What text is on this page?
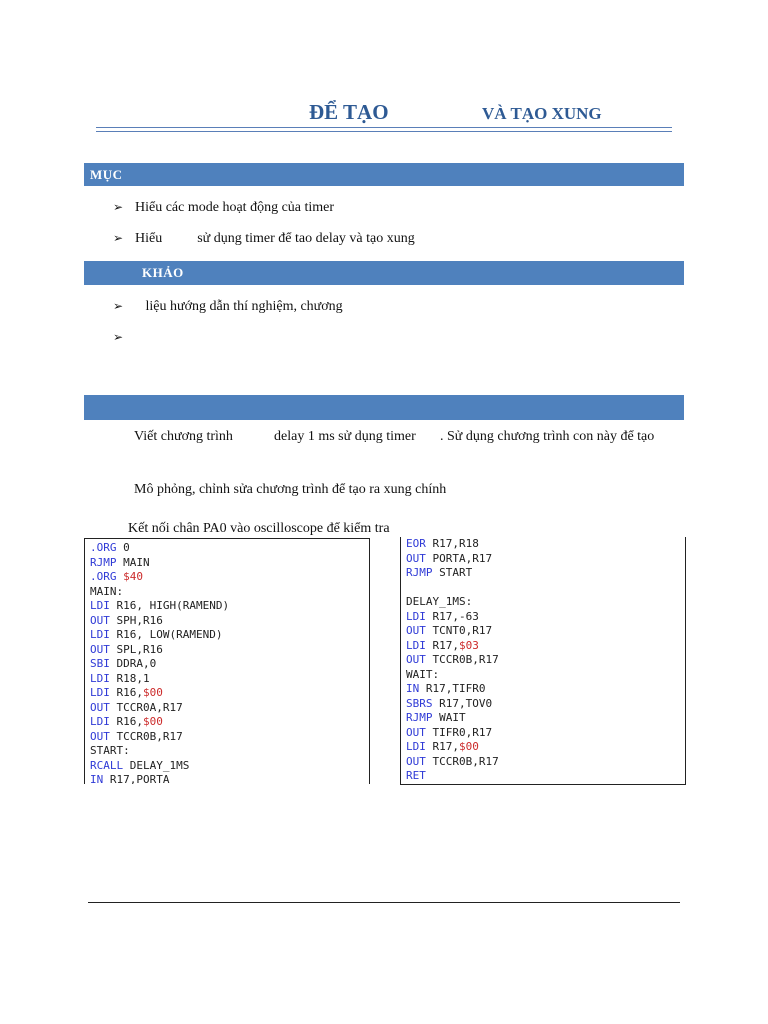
ĐỂ TẠO	VÀ TẠO XUNG
MỤC
➢ Hiểu các mode hoạt động của timer
➢ Hiểu          sử dụng timer để tao delay và tạo xung
KHẢO
➢   liệu hướng dẫn thí nghiệm, chương
➢
Viết chương trình	delay 1 ms sử dụng timer . Sử dụng chương trình con này để tạo
Mô phỏng, chỉnh sửa chương trình để tạo ra xung chính
Kết nối chân PA0 vào oscilloscope để kiểm tra
.ORG 0
RJMP MAIN
.ORG $40
MAIN:
LDI R16, HIGH(RAMEND)
OUT SPH,R16
LDI R16, LOW(RAMEND)
OUT SPL,R16
SBI DDRA,0
LDI R18,1
LDI R16,$00
OUT TCCR0A,R17
LDI R16,$00
OUT TCCR0B,R17
START:
RCALL DELAY_1MS
IN R17,PORTA
EOR R17,R18
OUT PORTA,R17
RJMP START
DELAY_1MS:
LDI R17,-63
OUT TCNT0,R17
LDI R17,$03
OUT TCCR0B,R17
WAIT:
IN R17,TIFR0
SBRS R17,TOV0
RJMP WAIT
OUT TIFR0,R17
LDI R17,$00
OUT TCCR0B,R17
RET
